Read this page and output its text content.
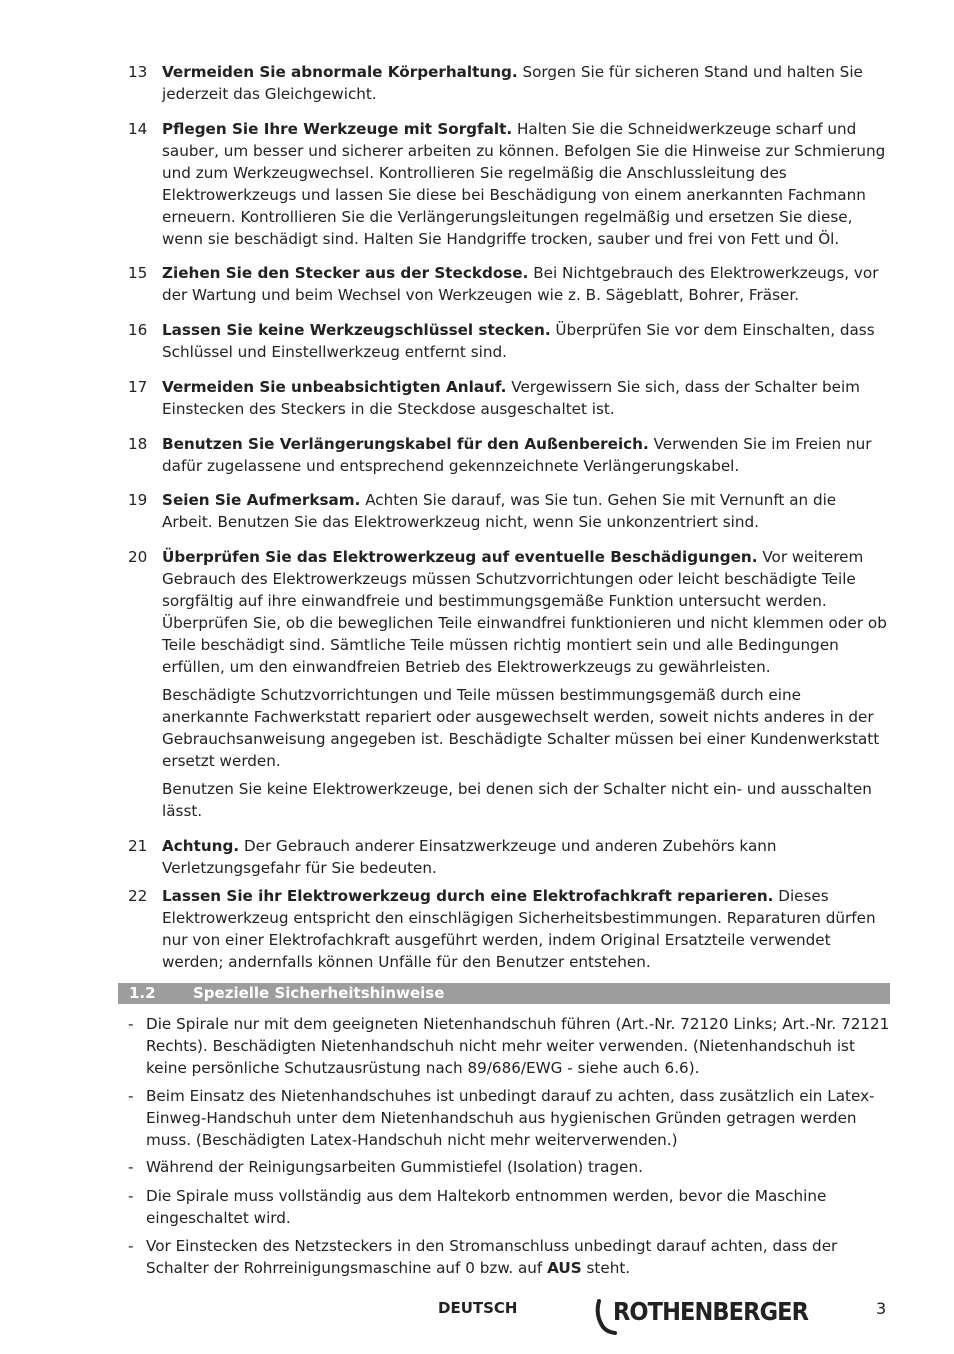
13 Vermeiden Sie abnormale Körperhaltung. Sorgen Sie für sicheren Stand und halten Sie jederzeit das Gleichgewicht.

14 Pflegen Sie Ihre Werkzeuge mit Sorgfalt. Halten Sie die Schneidwerkzeuge scharf und sauber, um besser und sicherer arbeiten zu können. Befolgen Sie die Hinweise zur Schmierung und zum Werkzeugwechsel. Kontrollieren Sie regelmäßig die Anschlussleitung des Elektrowerkzeugs und lassen Sie diese bei Beschädigung von einem anerkannten Fachmann erneuern. Kontrollieren Sie die Verlängerungsleitungen regelmäßig und ersetzen Sie diese, wenn sie beschädigt sind. Halten Sie Handgriffe trocken, sauber und frei von Fett und Öl.

15 Ziehen Sie den Stecker aus der Steckdose. Bei Nichtgebrauch des Elektrowerkzeugs, vor der Wartung und beim Wechsel von Werkzeugen wie z. B. Sägeblatt, Bohrer, Fräser.

16 Lassen Sie keine Werkzeugschlüssel stecken. Überprüfen Sie vor dem Einschalten, dass Schlüssel und Einstellwerkzeug entfernt sind.

17 Vermeiden Sie unbeabsichtigten Anlauf. Vergewissern Sie sich, dass der Schalter beim Einstecken des Steckers in die Steckdose ausgeschaltet ist.

18 Benutzen Sie Verlängerungskabel für den Außenbereich. Verwenden Sie im Freien nur dafür zugelassene und entsprechend gekennzeichnete Verlängerungskabel.

19 Seien Sie Aufmerksam. Achten Sie darauf, was Sie tun. Gehen Sie mit Vernunft an die Arbeit. Benutzen Sie das Elektrowerkzeug nicht, wenn Sie unkonzentriert sind.

20 Überprüfen Sie das Elektrowerkzeug auf eventuelle Beschädigungen. Vor weiterem Gebrauch des Elektrowerkzeugs müssen Schutzvorrichtungen oder leicht beschädigte Teile sorgfältig auf ihre einwandfreie und bestimmungsgemäße Funktion untersucht werden. Überprüfen Sie, ob die beweglichen Teile einwandfrei funktionieren und nicht klemmen oder ob Teile beschädigt sind. Sämtliche Teile müssen richtig montiert sein und alle Bedingungen erfüllen, um den einwandfreien Betrieb des Elektrowerkzeugs zu gewährleisten.

Beschädigte Schutzvorrichtungen und Teile müssen bestimmungsgemäß durch eine anerkannte Fachwerkstatt repariert oder ausgewechselt werden, soweit nichts anderes in der Gebrauchsanweisung angegeben ist. Beschädigte Schalter müssen bei einer Kundenwerkstatt ersetzt werden.

Benutzen Sie keine Elektrowerkzeuge, bei denen sich der Schalter nicht ein- und ausschalten lässt.

21 Achtung. Der Gebrauch anderer Einsatzwerkzeuge und anderen Zubehörs kann Verletzungsgefahr für Sie bedeuten.

22 Lassen Sie ihr Elektrowerkzeug durch eine Elektrofachkraft reparieren. Dieses Elektrowerkzeug entspricht den einschlägigen Sicherheitsbestimmungen. Reparaturen dürfen nur von einer Elektrofachkraft ausgeführt werden, indem Original Ersatzteile verwendet werden; andernfalls können Unfälle für den Benutzer entstehen.

1.2 Spezielle Sicherheitshinweise
- Die Spirale nur mit dem geeigneten Nietenhandschuh führen (Art.-Nr. 72120 Links; Art.-Nr. 72121 Rechts). Beschädigten Nietenhandschuh nicht mehr weiter verwenden. (Nietenhandschuh ist keine persönliche Schutzausrüstung nach 89/686/EWG - siehe auch 6.6).
- Beim Einsatz des Nietenhandschuhes ist unbedingt darauf zu achten, dass zusätzlich ein Latex-Einweg-Handschuh unter dem Nietenhandschuh aus hygienischen Gründen getragen werden muss. (Beschädigten Latex-Handschuh nicht mehr weiterverwenden.)
- Während der Reinigungsarbeiten Gummistiefel (Isolation) tragen.
- Die Spirale muss vollständig aus dem Haltekorb entnommen werden, bevor die Maschine eingeschaltet wird.
- Vor Einstecken des Netzsteckers in den Stromanschluss unbedingt darauf achten, dass der Schalter der Rohrreinigungsmaschine auf 0 bzw. auf AUS steht.
DEUTSCH	ROTHENBERGER	3
